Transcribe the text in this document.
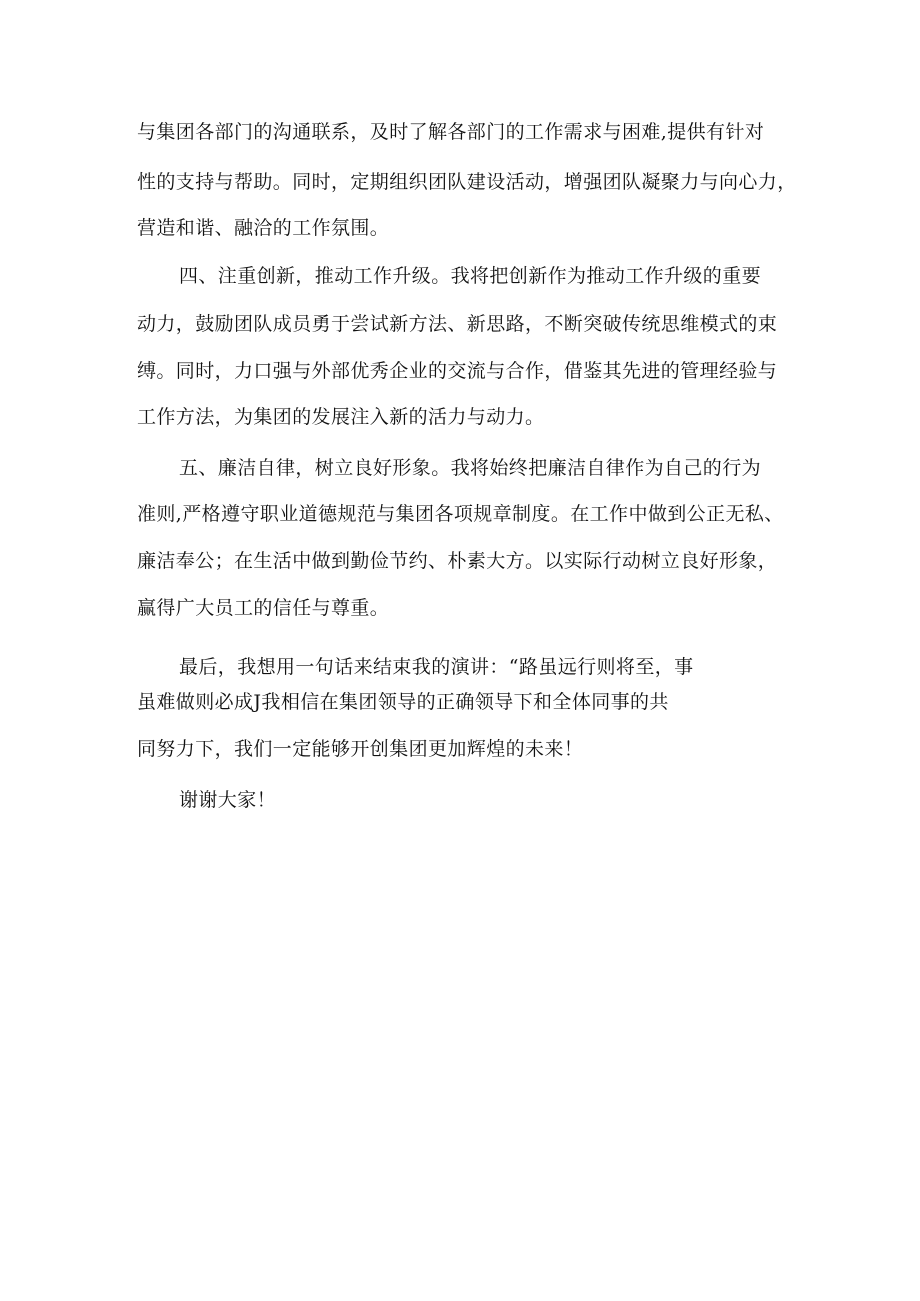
与集团各部门的沟通联系，及时了解各部门的工作需求与困难,提供有针对
性的支持与帮助。同时，定期组织团队建设活动，增强团队凝聚力与向心力，
营造和谐、融洽的工作氛围。
四、注重创新，推动工作升级。我将把创新作为推动工作升级的重要
动力，鼓励团队成员勇于尝试新方法、新思路，不断突破传统思维模式的束
缚。同时，力口强与外部优秀企业的交流与合作，借鉴其先进的管理经验与
工作方法，为集团的发展注入新的活力与动力。
五、廉洁自律，树立良好形象。我将始终把廉洁自律作为自己的行为
准则,严格遵守职业道德规范与集团各项规章制度。在工作中做到公正无私、
廉洁奉公；在生活中做到勤俭节约、朴素大方。以实际行动树立良好形象，
赢得广大员工的信任与尊重。
最后，我想用一句话来结束我的演讲：“路虽远行则将至，事
虽难做则必成J我相信在集团领导的正确领导下和全体同事的共
同努力下，我们一定能够开创集团更加辉煌的未来！
谢谢大家！
